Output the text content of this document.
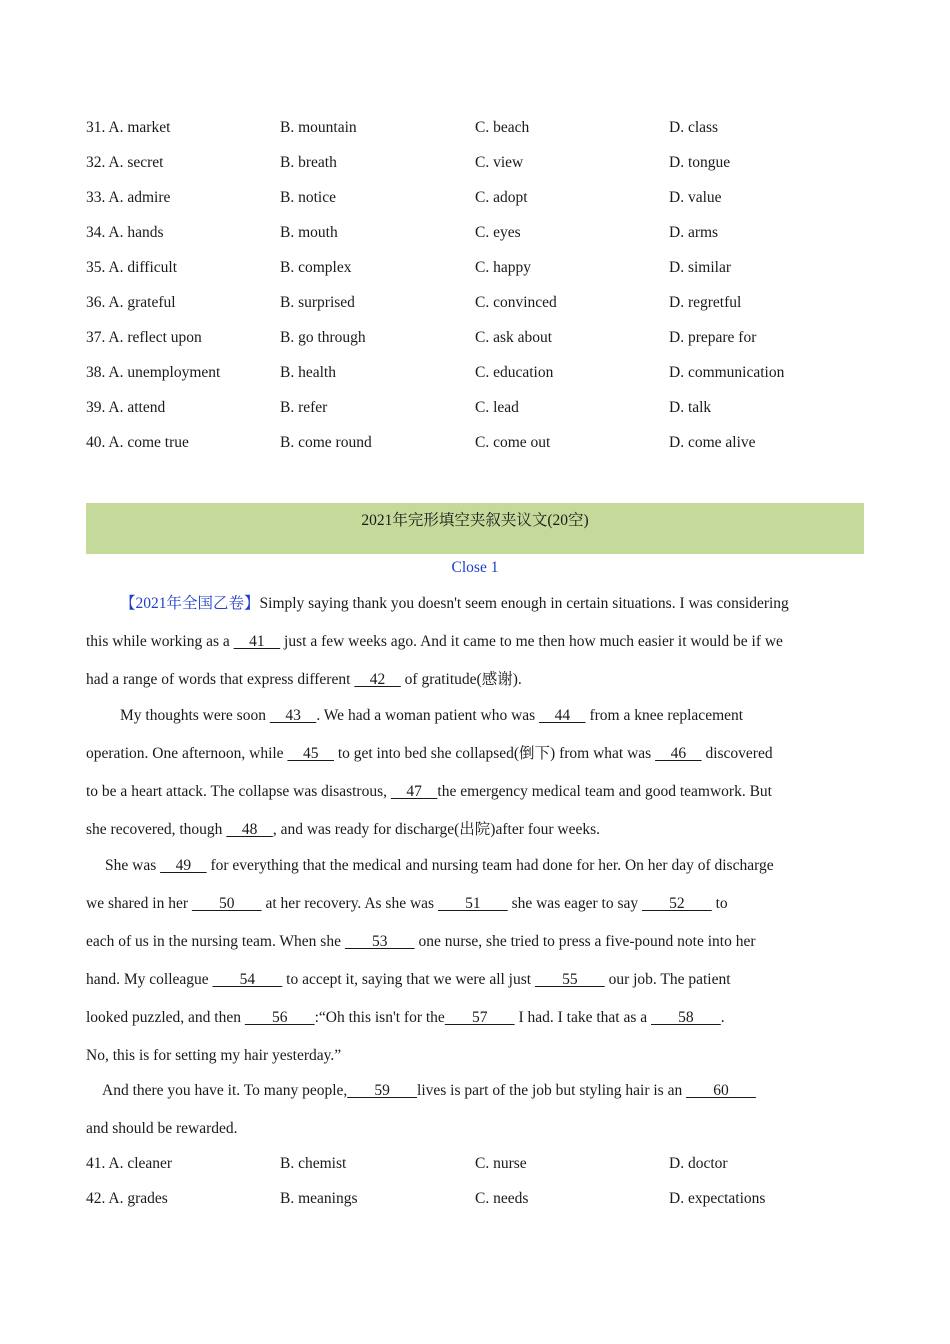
31. A. market	B. mountain	C. beach	D. class
32. A. secret	B. breath	C. view	D. tongue
33. A. admire	B. notice	C. adopt	D. value
34. A. hands	B. mouth	C. eyes	D. arms
35. A. difficult	B. complex	C. happy	D. similar
36. A. grateful	B. surprised	C. convinced	D. regretful
37. A. reflect upon	B. go through	C. ask about	D. prepare for
38. A. unemployment	B. health	C. education	D. communication
39. A. attend	B. refer	C. lead	D. talk
40. A. come true	B. come round	C. come out	D. come alive
2021年完形填空夹叙夹议文(20空)
Close 1
【2021年全国乙卷】Simply saying thank you doesn't seem enough in certain situations. I was considering
this while working as a     41     just a few weeks ago. And it came to me then how much easier it would be if we
had a range of words that express different     42     of gratitude(感谢).
My thoughts were soon     43    . We had a woman patient who was     44     from a knee replacement
operation. One afternoon, while     45     to get into bed she collapsed(倒下) from what was     46     discovered
to be a heart attack. The collapse was disastrous,     47    the emergency medical team and good teamwork. But
she recovered, though     48    , and was ready for discharge(出院)after four weeks.
She was     49     for everything that the medical and nursing team had done for her. On her day of discharge
we shared in her        50        at her recovery. As she was        51        she was eager to say        52        to
each of us in the nursing team. When she        53        one nurse, she tried to press a five-pound note into her
hand. My colleague        54        to accept it, saying that we were all just        55        our job. The patient
looked puzzled, and then        56       :“Oh this isn't for the       57        I had. I take that as a        58       .
No, this is for setting my hair yesterday.”
And there you have it. To many people,       59       lives is part of the job but styling hair is an        60
and should be rewarded.
41. A. cleaner	B. chemist	C. nurse	D. doctor
42. A. grades	B. meanings	C. needs	D. expectations
